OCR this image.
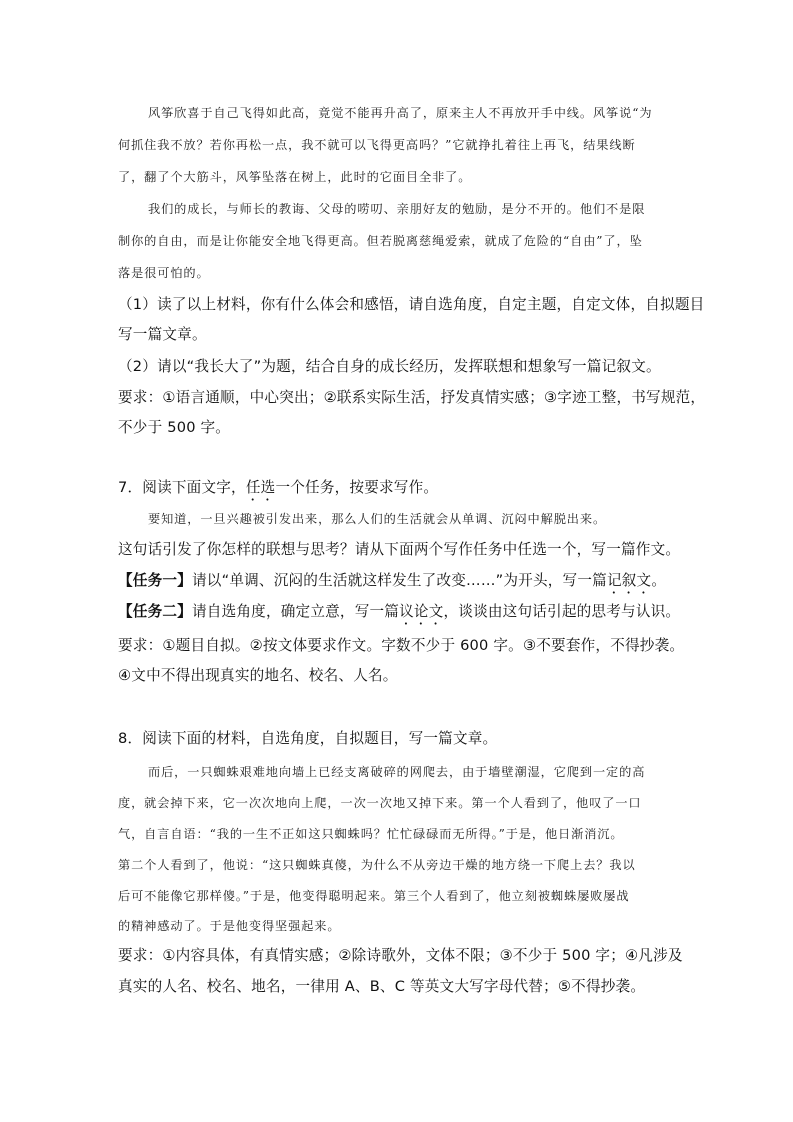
风筝欣喜于自己飞得如此高，竟觉不能再升高了，原来主人不再放开手中线。风筝说“为

何抓住我不放？若你再松一点，我不就可以飞得更高吗？”它就挣扎着往上再飞，结果线断

了，翻了个大筋斗，风筝坠落在树上，此时的它面目全非了。

我们的成长，与师长的教诲、父母的唠叨、亲朋好友的勉励，是分不开的。他们不是限

制你的自由，而是让你能安全地飞得更高。但若脱离慈绳爱索，就成了危险的“自由”了，坠

落是很可怕的。

（1）读了以上材料，你有什么体会和感悟，请自选角度，自定主题，自定文体，自拟题目

写一篇文章。

（2）请以“我长大了”为题，结合自身的成长经历，发挥联想和想象写一篇记叙文。

要求：①语言通顺，中心突出；②联系实际生活，抒发真情实感；③字迹工整，书写规范，

不少于 500 字。

7．阅读下面文字，任选一个任务，按要求写作。

要知道，一旦兴趣被引发出来，那么人们的生活就会从单调、沉闷中解脱出来。

这句话引发了你怎样的联想与思考？请从下面两个写作任务中任选一个，写一篇作文。

【任务一】请以“单调、沉闷的生活就这样发生了改变……”为开头，写一篇记叙文。

【任务二】请自选角度，确定立意，写一篇议论文，谈谈由这句话引起的思考与认识。

要求：①题目自拟。②按文体要求作文。字数不少于 600 字。③不要套作，不得抄袭。

④文中不得出现真实的地名、校名、人名。

8．阅读下面的材料，自选角度，自拟题目，写一篇文章。

而后，一只蜘蛛艰难地向墙上已经支离破碎的网爬去，由于墙壁潮湿，它爬到一定的高

度，就会掉下来，它一次次地向上爬，一次一次地又掉下来。第一个人看到了，他叹了一口

气，自言自语：“我的一生不正如这只蜘蛛吗？忙忙碌碌而无所得。”于是，他日渐消沉。

第二个人看到了，他说：“这只蜘蛛真傻，为什么不从旁边干燥的地方绕一下爬上去？我以

后可不能像它那样傻。”于是，他变得聪明起来。第三个人看到了，他立刻被蜘蛛屡败屡战

的精神感动了。于是他变得坚强起来。

要求：①内容具体，有真情实感；②除诗歌外，文体不限；③不少于 500 字；④凡涉及

真实的人名、校名、地名，一律用 A、B、C 等英文大写字母代替；⑤不得抄袭。
